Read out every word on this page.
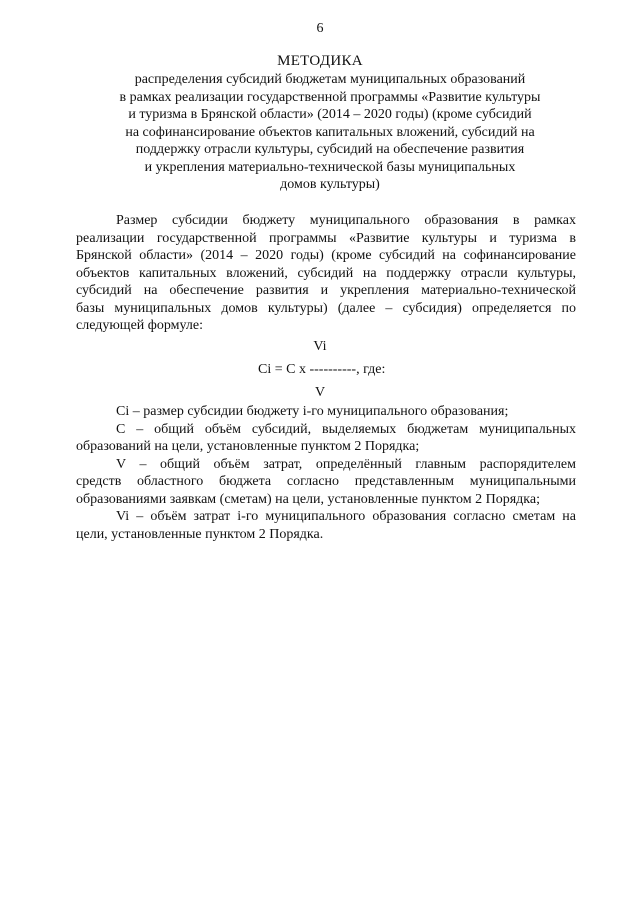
6
МЕТОДИКА
распределения субсидий бюджетам муниципальных образований
в рамках реализации государственной программы «Развитие культуры
и туризма в Брянской области» (2014 – 2020 годы) (кроме субсидий
на софинансирование объектов капитальных вложений, субсидий на
поддержку отрасли культуры, субсидий на обеспечение развития
и укрепления материально-технической базы муниципальных
домов культуры)
Размер субсидии бюджету муниципального образования в рамках
реализации государственной программы «Развитие культуры и туризма в
Брянской области» (2014 – 2020 годы) (кроме субсидий на софинансирование
объектов капитальных вложений, субсидий на поддержку отрасли культуры,
субсидий на обеспечение развития и укрепления материально-технической
базы муниципальных домов культуры) (далее – субсидия) определяется по
следующей формуле:
Vi
Ci = C x ----------, где:
V
Ci – размер субсидии бюджету i-го муниципального образования;
C – общий объём субсидий, выделяемых бюджетам муниципальных
образований на цели, установленные пунктом 2 Порядка;
V – общий объём затрат, определённый главным распорядителем
средств областного бюджета согласно представленным муниципальными
образованиями заявкам (сметам) на цели, установленные пунктом 2 Порядка;
Vi – объём затрат i-го муниципального образования согласно сметам на
цели, установленные пунктом 2 Порядка.
